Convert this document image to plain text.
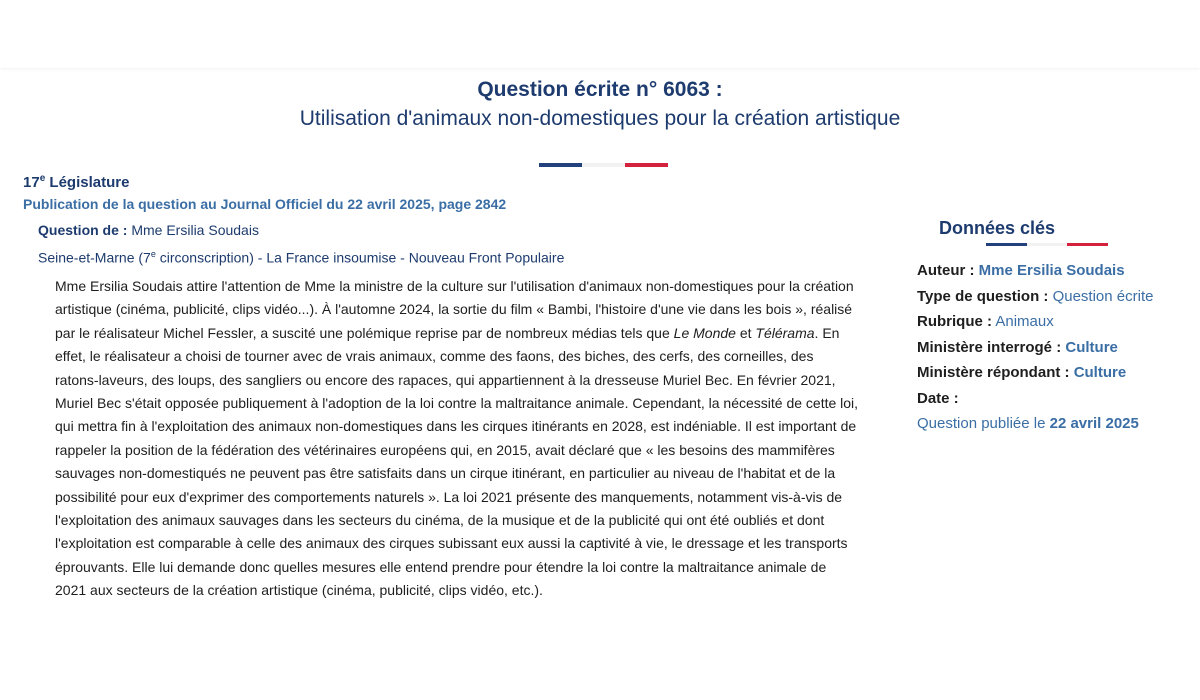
Question écrite n° 6063 :
Utilisation d'animaux non-domestiques pour la création artistique
17e Législature
Publication de la question au Journal Officiel du 22 avril 2025, page 2842
Question de : Mme Ersilia Soudais
Seine-et-Marne (7e circonscription) - La France insoumise - Nouveau Front Populaire

Mme Ersilia Soudais attire l'attention de Mme la ministre de la culture sur l'utilisation d'animaux non-domestiques pour la création artistique (cinéma, publicité, clips vidéo...). À l'automne 2024, la sortie du film « Bambi, l'histoire d'une vie dans les bois », réalisé par le réalisateur Michel Fessler, a suscité une polémique reprise par de nombreux médias tels que Le Monde et Télérama. En effet, le réalisateur a choisi de tourner avec de vrais animaux, comme des faons, des biches, des cerfs, des corneilles, des ratons-laveurs, des loups, des sangliers ou encore des rapaces, qui appartiennent à la dresseuse Muriel Bec. En février 2021, Muriel Bec s'était opposée publiquement à l'adoption de la loi contre la maltraitance animale. Cependant, la nécessité de cette loi, qui mettra fin à l'exploitation des animaux non-domestiques dans les cirques itinérants en 2028, est indéniable. Il est important de rappeler la position de la fédération des vétérinaires européens qui, en 2015, avait déclaré que « les besoins des mammifères sauvages non-domestiqués ne peuvent pas être satisfaits dans un cirque itinérant, en particulier au niveau de l'habitat et de la possibilité pour eux d'exprimer des comportements naturels ». La loi 2021 présente des manquements, notamment vis-à-vis de l'exploitation des animaux sauvages dans les secteurs du cinéma, de la musique et de la publicité qui ont été oubliés et dont l'exploitation est comparable à celle des animaux des cirques subissant eux aussi la captivité à vie, le dressage et les transports éprouvants. Elle lui demande donc quelles mesures elle entend prendre pour étendre la loi contre la maltraitance animale de 2021 aux secteurs de la création artistique (cinéma, publicité, clips vidéo, etc.).

Données clés
Auteur : Mme Ersilia Soudais
Type de question : Question écrite
Rubrique : Animaux
Ministère interrogé : Culture
Ministère répondant : Culture
Date :
Question publiée le 22 avril 2025
